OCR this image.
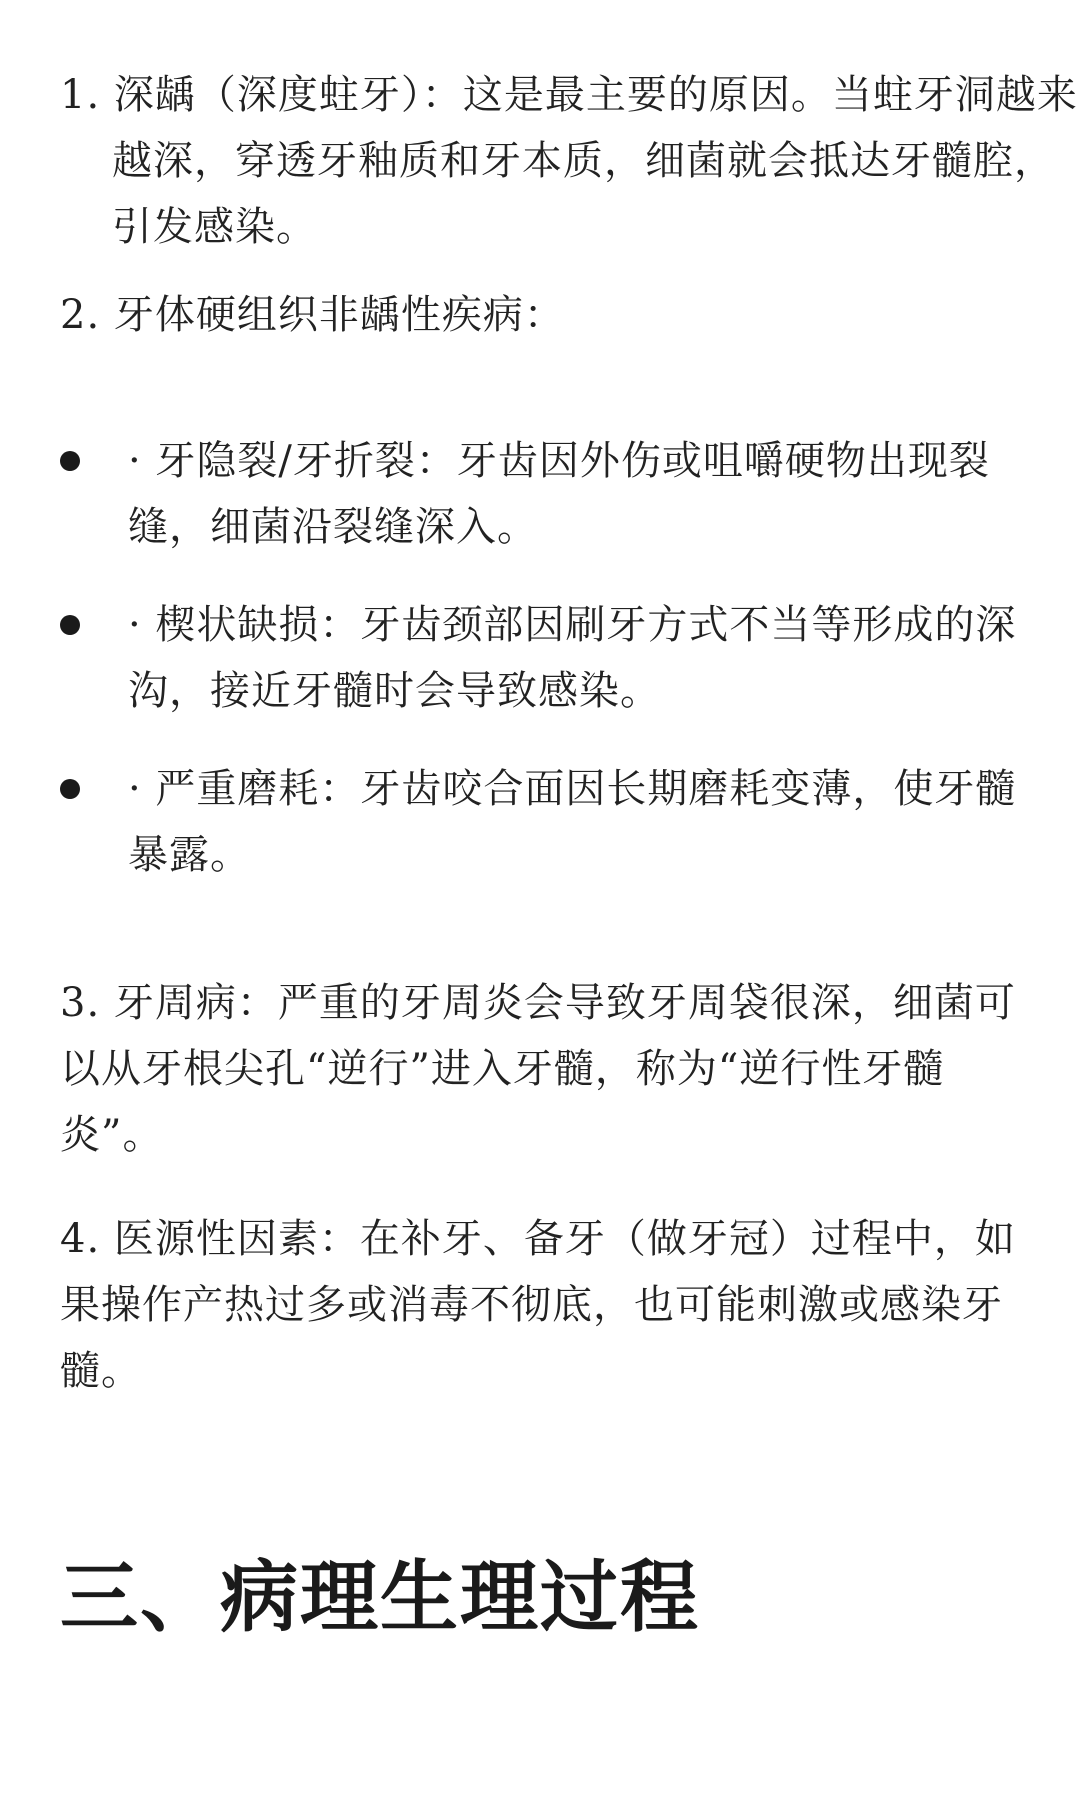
1. 深龋（深度蛀牙）：这是最主要的原因。当蛀牙洞越来越深，穿透牙釉质和牙本质，细菌就会抵达牙髓腔，引发感染。
2. 牙体硬组织非龋性疾病：
· 牙隐裂/牙折裂：牙齿因外伤或咀嚼硬物出现裂缝，细菌沿裂缝深入。
· 楔状缺损：牙齿颈部因刷牙方式不当等形成的深沟，接近牙髓时会导致感染。
· 严重磨耗：牙齿咬合面因长期磨耗变薄，使牙髓暴露。
3. 牙周病：严重的牙周炎会导致牙周袋很深，细菌可以从牙根尖孔“逆行”进入牙髓，称为“逆行性牙髓炎”。
4. 医源性因素：在补牙、备牙（做牙冠）过程中，如果操作产热过多或消毒不彻底，也可能刺激或感染牙髓。
三、病理生理过程
